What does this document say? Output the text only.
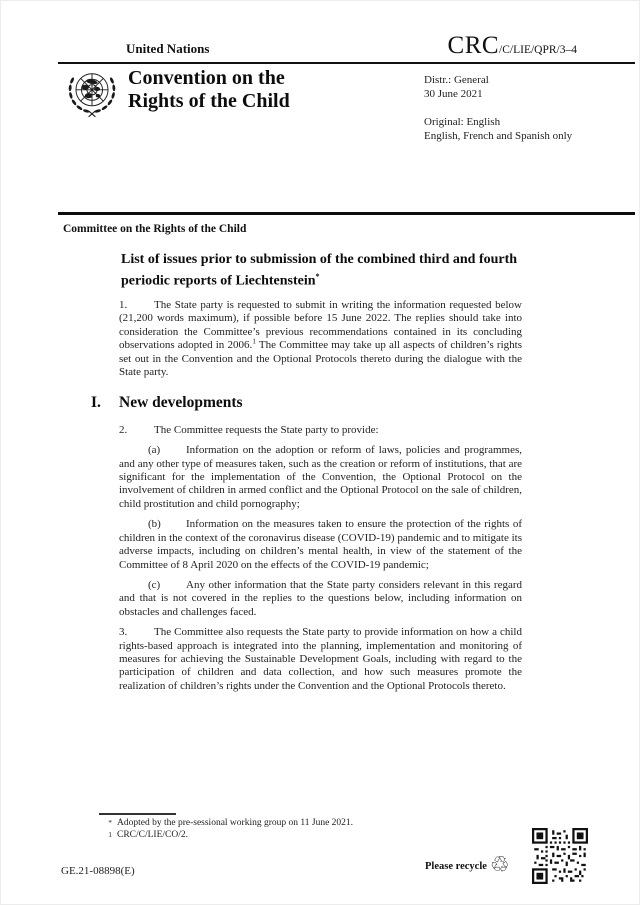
United Nations	CRC/C/LIE/QPR/3–4
Convention on the
Rights of the Child
Distr.: General
30 June 2021
Original: English
English, French and Spanish only
Committee on the Rights of the Child
List of issues prior to submission of the combined third and fourth periodic reports of Liechtenstein*

1. The State party is requested to submit in writing the information requested below (21,200 words maximum), if possible before 15 June 2022. The replies should take into consideration the Committee’s previous recommendations contained in its concluding observations adopted in 2006.$^1$ The Committee may take up all aspects of children’s rights set out in the Convention and the Optional Protocols thereto during the dialogue with the State party.

I.	New developments

2. The Committee requests the State party to provide:

(a) Information on the adoption or reform of laws, policies and programmes, and any other type of measures taken, such as the creation or reform of institutions, that are significant for the implementation of the Convention, the Optional Protocol on the involvement of children in armed conflict and the Optional Protocol on the sale of children, child prostitution and child pornography;

(b) Information on the measures taken to ensure the protection of the rights of children in the context of the coronavirus disease (COVID-19) pandemic and to mitigate its adverse impacts, including on children’s mental health, in view of the statement of the Committee of 8 April 2020 on the effects of the COVID-19 pandemic;

(c) Any other information that the State party considers relevant in this regard and that is not covered in the replies to the questions below, including information on obstacles and challenges faced.

3. The Committee also requests the State party to provide information on how a child rights-based approach is integrated into the planning, implementation and monitoring of measures for achieving the Sustainable Development Goals, including with regard to the participation of children and data collection, and how such measures promote the realization of children’s rights under the Convention and the Optional Protocols thereto.

* Adopted by the pre-sessional working group on 11 June 2021.
1 CRC/C/LIE/CO/2.
GE.21-08898(E)	Please recycle ♲
